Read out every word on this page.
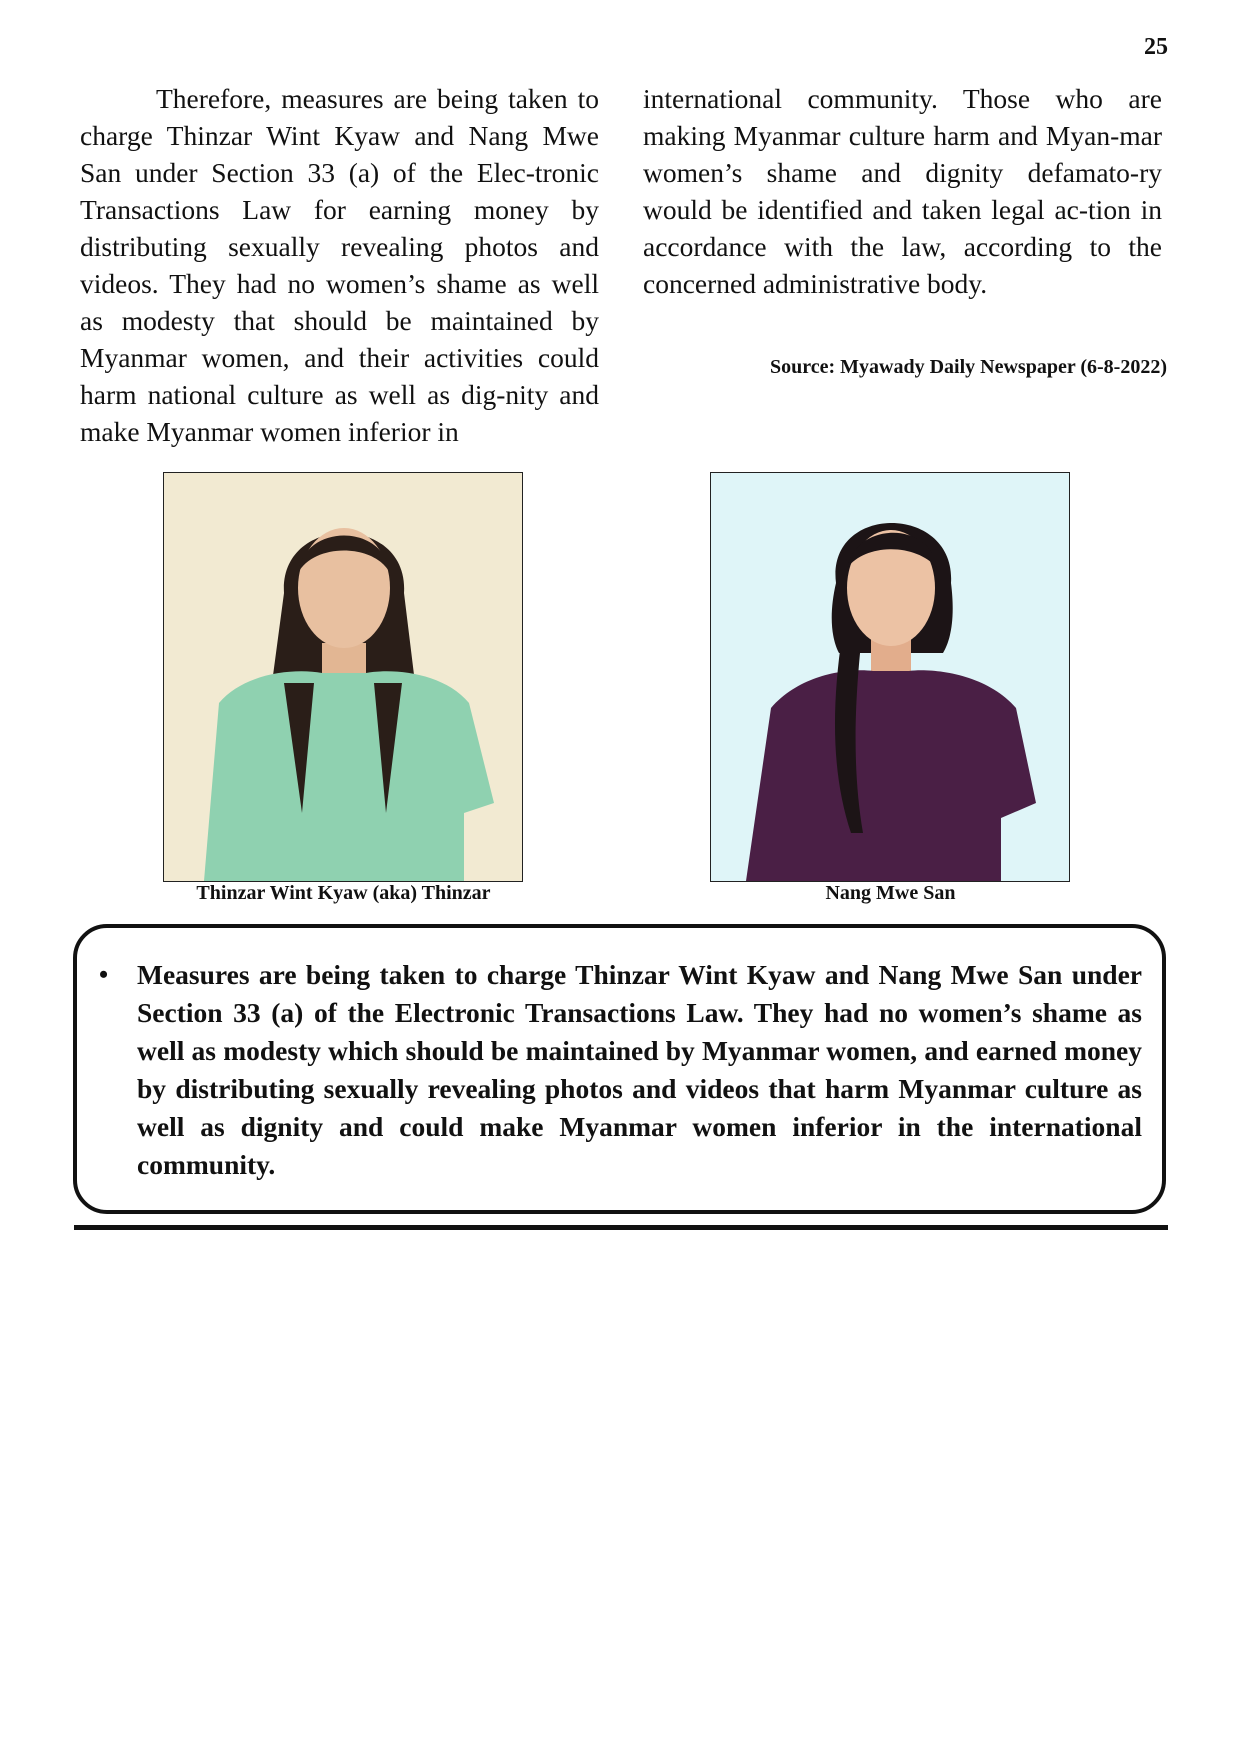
25

Therefore, measures are being taken to charge Thinzar Wint Kyaw and Nang Mwe San under Section 33 (a) of the Elec-tronic Transactions Law for earning money by distributing sexually revealing photos and videos. They had no women’s shame as well as modesty that should be maintained by Myanmar women, and their activities could harm national culture as well as dig-nity and make Myanmar women inferior in

international community. Those who are making Myanmar culture harm and Myan-mar women’s shame and dignity defamato-ry would be identified and taken legal ac-tion in accordance with the law, according to the concerned administrative body.

Source: Myawady Daily Newspaper (6-8-2022)
Thinzar Wint Kyaw (aka) Thinzar	Nang Mwe San
• Measures are being taken to charge Thinzar Wint Kyaw and Nang Mwe San under Section 33 (a) of the Electronic Transactions Law. They had no women’s shame as well as modesty which should be maintained by Myanmar women, and earned money by distributing sexually revealing photos and videos that harm Myanmar culture as well as dignity and could make Myanmar women inferior in the international community.
